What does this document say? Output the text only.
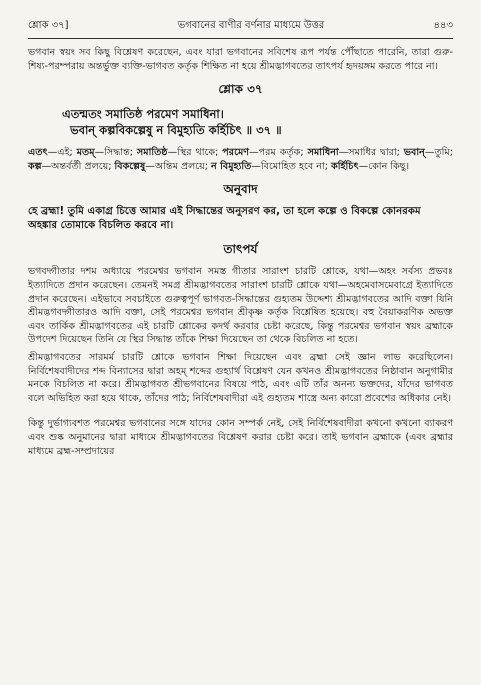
শ্লোক ৩৭]	ভগবানের বাণীর বর্ণনার মাধ্যমে উত্তর	৪৪৩

ভগবান স্বয়ং সব কিছু বিশ্লেষণ করেছেন, এবং যারা ভগবানের সবিশেষ রূপ পর্যন্ত পৌঁছাতে পারেনি, তারা গুরু-শিষ্য-পরম্পরায় অন্তর্ভুক্ত ব্যক্তি-ভাগবত কর্তৃক শিক্ষিত না হয়ে শ্রীমদ্ভাগবতের তাৎপর্য হৃদয়ঙ্গম করতে পারে না।

শ্লোক ৩৭
এতন্মতং সমাতিষ্ঠ পরমেণ সমাধিনা।
ভবান্ কল্পবিকল্পেষু ন বিমুহ্যতি কর্হিচিৎ ॥ ৩৭ ॥

এতৎ—এই; মতম্—সিদ্ধান্ত; সমাতিষ্ঠ—স্থির থাকে; পরমেণ—পরম কর্তৃক; সমাধিনা—সমাধির দ্বারা; ভবান্—তুমি; কল্প—অন্তর্বর্তী প্রলয়ে; বিকল্পেষু—অন্তিম প্রলয়ে; ন বিমুহ্যতি—বিমোহিত হবে না; কর্হিচিৎ—কোন কিছু।

অনুবাদ

হে ব্রহ্মা! তুমি একাগ্র চিত্তে আমার এই সিদ্ধান্তের অনুসরণ কর, তা হলে কল্পে ও বিকল্পে কোনরকম অহঙ্কার তোমাকে বিচলিত করবে না।

তাৎপর্য

ভগবদ্গীতার দশম অধ্যায়ে পরমেশ্বর ভগবান সমস্ত গীতার সারাংশ চারটি শ্লোকে, যথা—অহং সর্বস্য প্রভবঃ ইত্যাদিতে প্রদান করেছেন। তেমনই সমগ্র শ্রীমদ্ভাগবতের সারাংশ চারটি শ্লোকে যথা—অহমেবাসমেবাগ্রে ইত্যাদিতে প্রদান করেছেন। এইভাবে সবচাইতে গুরুত্বপূর্ণ ভাগবত-সিদ্ধান্তের গুহ্যতম উদ্দেশ্য শ্রীমদ্ভাগবতের আদি বক্তা যিনি শ্রীমদ্ভগবদ্গীতারও আদি বক্তা, সেই পরমেশ্বর ভগবান শ্রীকৃষ্ণ কর্তৃক বিশ্লেষিত হয়েছে। বহু বৈয়াকরণিক অভক্ত এবং তার্কিক শ্রীমদ্ভাগবতের এই চারটি শ্লোকের কদর্থ করবার চেষ্টা করেছে, কিন্তু পরমেশ্বর ভগবান স্বয়ং ব্রহ্মাকে উপদেশ দিয়েছেন তিনি যে স্থির সিদ্ধান্ত তাঁকে শিক্ষা দিয়েছেন তা থেকে বিচলিত না হতে।

শ্রীমদ্ভাগবতের সারমর্ম চারটি শ্লোকে ভগবান শিক্ষা দিয়েছেন এবং ব্রহ্মা সেই জ্ঞান লাভ করেছিলেন। নির্বিশেষবাদীদের শব্দ বিন্যাসের দ্বারা অহম্ শব্দের গুহ্যার্থ বিশ্লেষণ যেন কখনও শ্রীমদ্ভাগবতের নিষ্ঠাবান অনুগামীর মনকে বিচলিত না করে। শ্রীমদ্ভাগবত শ্রীভগবানের বিষয়ে পাঠ, এবং এটি তাঁর অনন্য ভক্তদের, যাঁদের ভাগবত বলে অভিহিত করা হয়ে থাকে, তাঁদের পাঠ; নির্বিশেষবাদীরা এই গুহ্যতম শাস্ত্রে অন্য কারো প্রবেশের অধিকার নেই।

কিন্তু দুর্ভাগ্যবশত পরমেশ্বর ভগবানের সঙ্গে যাদের কোন সম্পর্ক নেই, সেই নির্বিশেষবাদীরা কখনো কখনো ব্যাকরণ এবং শুষ্ক অনুমানের দ্বারা মাধ্যমে শ্রীমদ্ভাগবতের বিশ্লেষণ করার চেষ্টা করে। তাই ভগবান ব্রহ্মাকে (এবং ব্রহ্মার মাধ্যমে ব্রহ্ম-সম্প্রদায়ের
